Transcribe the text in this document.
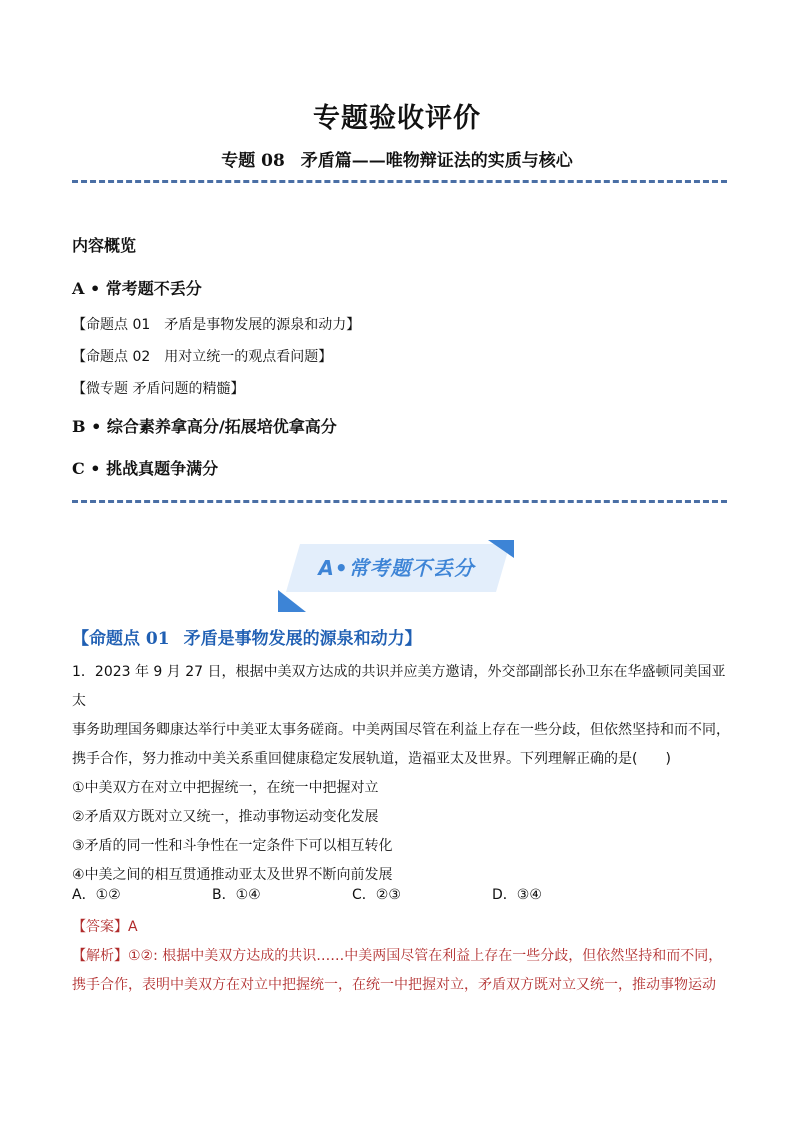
专题验收评价
专题 08 矛盾篇——唯物辩证法的实质与核心
内容概览
A • 常考题不丢分
【命题点 01　矛盾是事物发展的源泉和动力】
【命题点 02　用对立统一的观点看问题】
【微专题 矛盾问题的精髓】
B • 综合素养拿高分/拓展培优拿高分
C • 挑战真题争满分
A•常考题不丢分
【命题点 01 矛盾是事物发展的源泉和动力】
1．2023 年 9 月 27 日，根据中美双方达成的共识并应美方邀请，外交部副部长孙卫东在华盛顿同美国亚太
事务助理国务卿康达举行中美亚太事务磋商。中美两国尽管在利益上存在一些分歧，但依然坚持和而不同，
携手合作，努力推动中美关系重回健康稳定发展轨道，造福亚太及世界。下列理解正确的是(　　)
①中美双方在对立中把握统一，在统一中把握对立
②矛盾双方既对立又统一，推动事物运动变化发展
③矛盾的同一性和斗争性在一定条件下可以相互转化
④中美之间的相互贯通推动亚太及世界不断向前发展
A．①②	B．①④	C．②③	D．③④
【答案】A
【解析】①②: 根据中美双方达成的共识……中美两国尽管在利益上存在一些分歧，但依然坚持和而不同，
携手合作，表明中美双方在对立中把握统一，在统一中把握对立，矛盾双方既对立又统一，推动事物运动
